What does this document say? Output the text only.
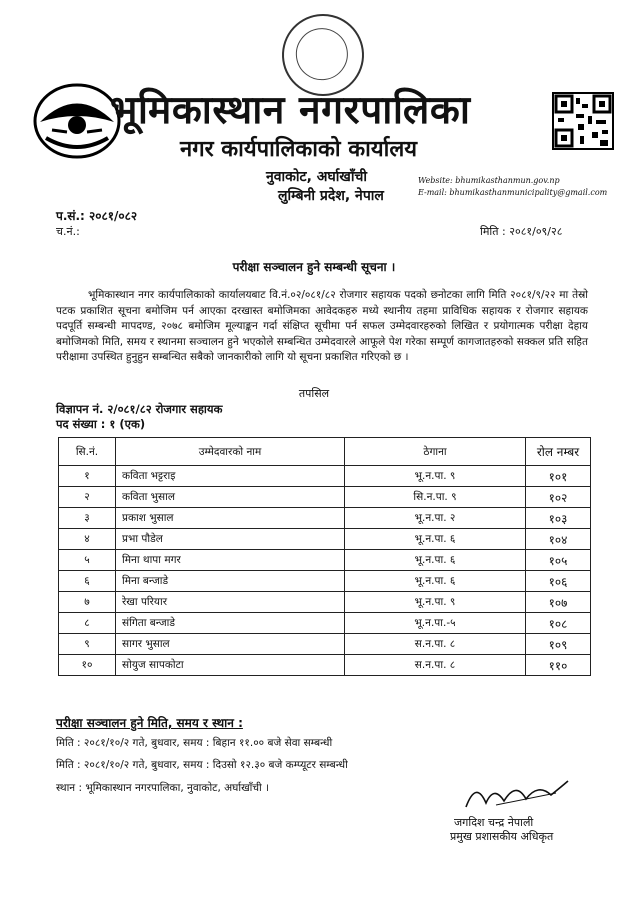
भूमिकास्थान नगरपालिका
नगर कार्यपालिकाको कार्यालय
नुवाकोट, अर्घाखाँची
लुम्बिनी प्रदेश, नेपाल
Website: bhumikasthanmun.gov.np
E-mail: bhumikasthanmunicipality@gmail.com
प.सं.: २०८१/०८२
च.नं.:	मिति : २०८१/०९/२८
परीक्षा सञ्चालन हुने सम्बन्धी सूचना ।
भूमिकास्थान नगर कार्यपालिकाको कार्यालयबाट वि.नं.०२/०८१/८२ रोजगार सहायक पदको छनोटका लागि मिति २०८१/९/२२ मा तेस्रो पटक प्रकाशित सूचना बमोजिम पर्न आएका दरखास्त बमोजिमका आवेदकहरु मध्ये स्थानीय तहमा प्राविधिक सहायक र रोजगार सहायक पदपूर्ति सम्बन्धी मापदण्ड, २०७८ बमोजिम मूल्याङ्कन गर्दा संक्षिप्त सूचीमा पर्न सफल उम्मेदवारहरुको लिखित र प्रयोगात्मक परीक्षा देहाय बमोजिमको मिति, समय र स्थानमा सञ्चालन हुने भएकोले सम्बन्धित उम्मेदवारले आफूले पेश गरेका सम्पूर्ण कागजातहरुको सक्कल प्रति सहित परीक्षामा उपस्थित हुनुहुन सम्बन्धित सबैको जानकारीको लागि यो सूचना प्रकाशित गरिएको छ ।
तपसिल
विज्ञापन नं. २/०८१/८२ रोजगार सहायक
पद संख्या : १ (एक)
सि.नं.	उम्मेदवारको नाम	ठेगाना	रोल नम्बर
१	कविता भट्टराइ	भू.न.पा. ९	१०१
२	कविता भुसाल	सि.न.पा. ९	१०२
३	प्रकाश भुसाल	भू.न.पा. २	१०३
४	प्रभा पौडेल	भू.न.पा. ६	१०४
५	मिना थापा मगर	भू.न.पा. ६	१०५
६	मिना बन्जाडे	भू.न.पा. ६	१०६
७	रेखा परियार	भू.न.पा. ९	१०७
८	संगिता बन्जाडे	भू.न.पा.-५	१०८
९	सागर भुसाल	स.न.पा. ८	१०९
१०	सोयुज सापकोटा	स.न.पा. ८	११०
परीक्षा सञ्चालन हुने मिति, समय र स्थान :
मिति : २०८१/१०/२ गते, बुधवार, समय : बिहान ११.०० बजे सेवा सम्बन्धी
मिति : २०८१/१०/२ गते, बुधवार, समय : दिउसो १२.३० बजे कम्प्यूटर सम्बन्धी
स्थान : भूमिकास्थान नगरपालिका, नुवाकोट, अर्घाखाँची ।
जगदिश चन्द्र नेपाली
प्रमुख प्रशासकीय अधिकृत
